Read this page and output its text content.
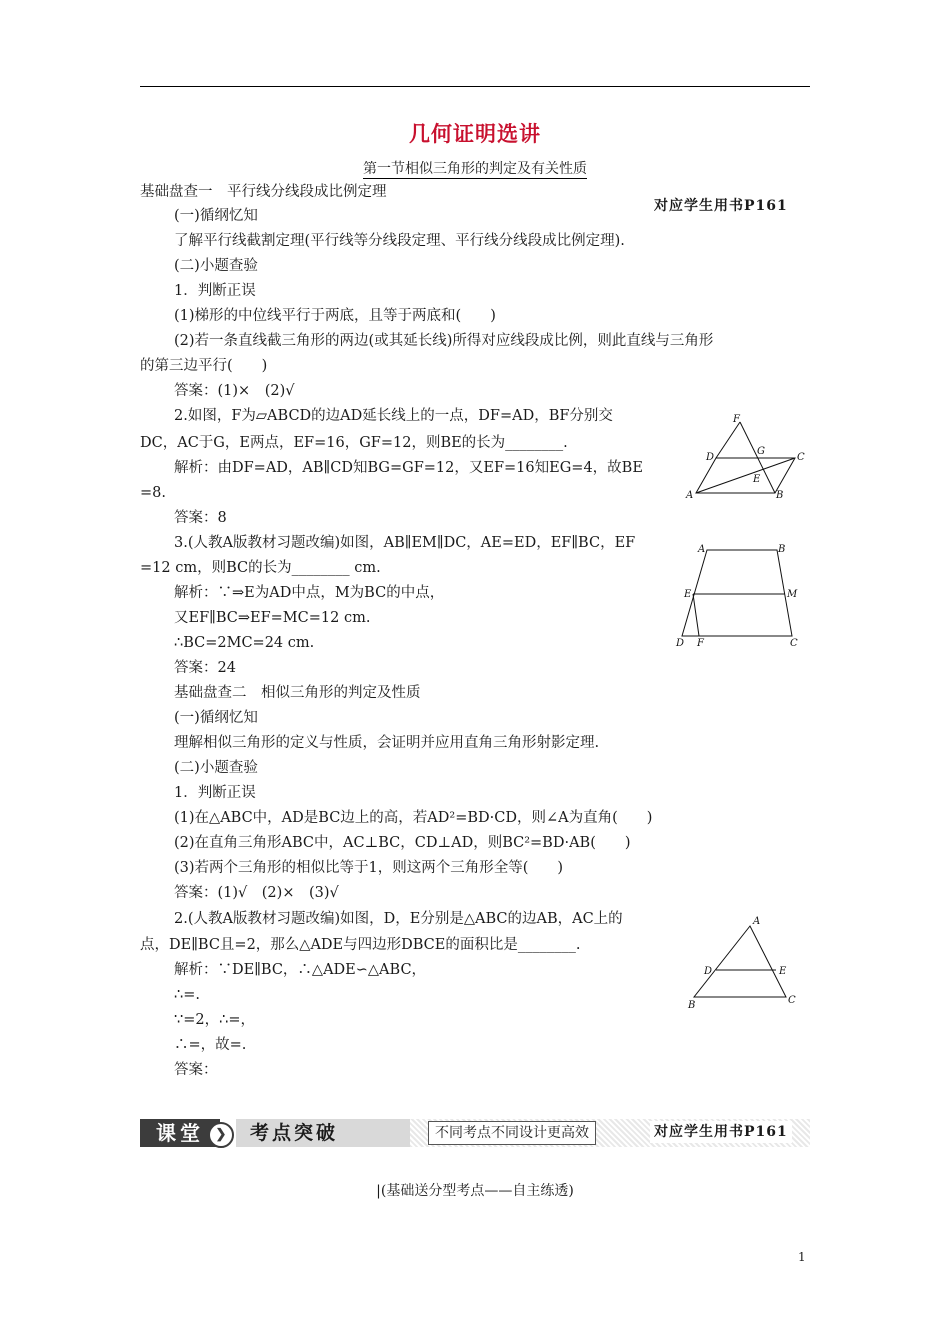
几何证明选讲
第一节相似三角形的判定及有关性质
对应学生用书P161
基础盘查一　平行线分线段成比例定理
(一)循纲忆知
了解平行线截割定理(平行线等分线段定理、平行线分线段成比例定理).
(二)小题查验
1．判断正误
(1)梯形的中位线平行于两底，且等于两底和(　　)
(2)若一条直线截三角形的两边(或其延长线)所得对应线段成比例，则此直线与三角形
的第三边平行(　　)
答案：(1)×　(2)√
2.如图，F为▱ABCD的边AD延长线上的一点，DF=AD，BF分别交
DC，AC于G，E两点，EF=16，GF=12，则BE的长为________.
解析：由DF=AD，AB∥CD知BG=GF=12，又EF=16知EG=4，故BE
=8.
答案：8
3.(人教A版教材习题改编)如图，AB∥EM∥DC，AE=ED，EF∥BC，EF
=12 cm，则BC的长为________ cm.
解析：∵⇒E为AD中点，M为BC的中点，
又EF∥BC⇒EF=MC=12 cm.
∴BC=2MC=24 cm.
答案：24
基础盘查二　相似三角形的判定及性质
(一)循纲忆知
理解相似三角形的定义与性质，会证明并应用直角三角形射影定理.
(二)小题查验
1．判断正误
(1)在△ABC中，AD是BC边上的高，若AD²=BD·CD，则∠A为直角(　　)
(2)在直角三角形ABC中，AC⊥BC，CD⊥AD，则BC²=BD·AB(　　)
(3)若两个三角形的相似比等于1，则这两个三角形全等(　　)
答案：(1)√　(2)×　(3)√
2.(人教A版教材习题改编)如图，D，E分别是△ABC的边AB，AC上的
点，DE∥BC且=2，那么△ADE与四边形DBCE的面积比是________.
解析：∵DE∥BC，∴△ADE∽△ABC，
∴=.
∵=2，∴=，
∴=，故=.
答案：
F
D
G
C
E
A	B
A	B
E	M
D F	C
A
D	E
B	C
考点突破
课堂 ❯	不同考点不同设计更高效	对应学生用书P161
|(基础送分型考点——自主练透)
1
